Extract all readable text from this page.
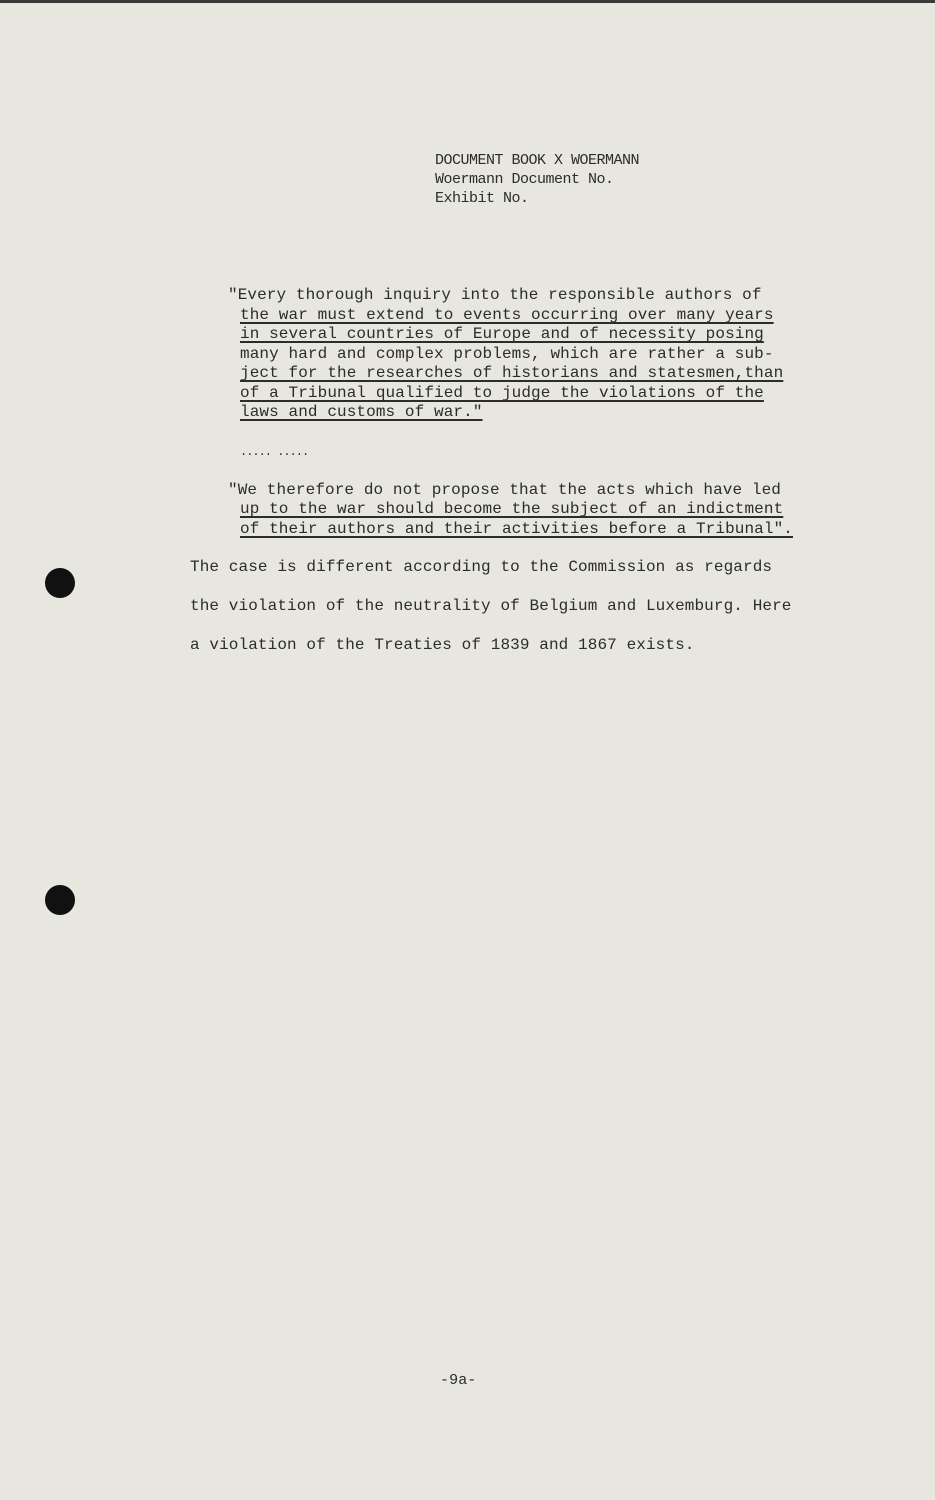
DOCUMENT BOOK X WOERMANN
Woermann Document No.
Exhibit No.
"Every thorough inquiry into the responsible authors of
the war must extend to events occurring over many years
in several countries of Europe and of necessity posing
many hard and complex problems, which are rather a sub-
ject for the researches of historians and statesmen,than
of a Tribunal qualified to judge the violations of the
laws and customs of war."
..... .....
"We therefore do not propose that the acts which have led
up to the war should become the subject of an indictment
of their authors and their activities before a Tribunal".
The case is different according to the Commission as regards
the violation of the neutrality of Belgium and Luxemburg. Here
a violation of the Treaties of 1839 and 1867 exists.
-9a-
